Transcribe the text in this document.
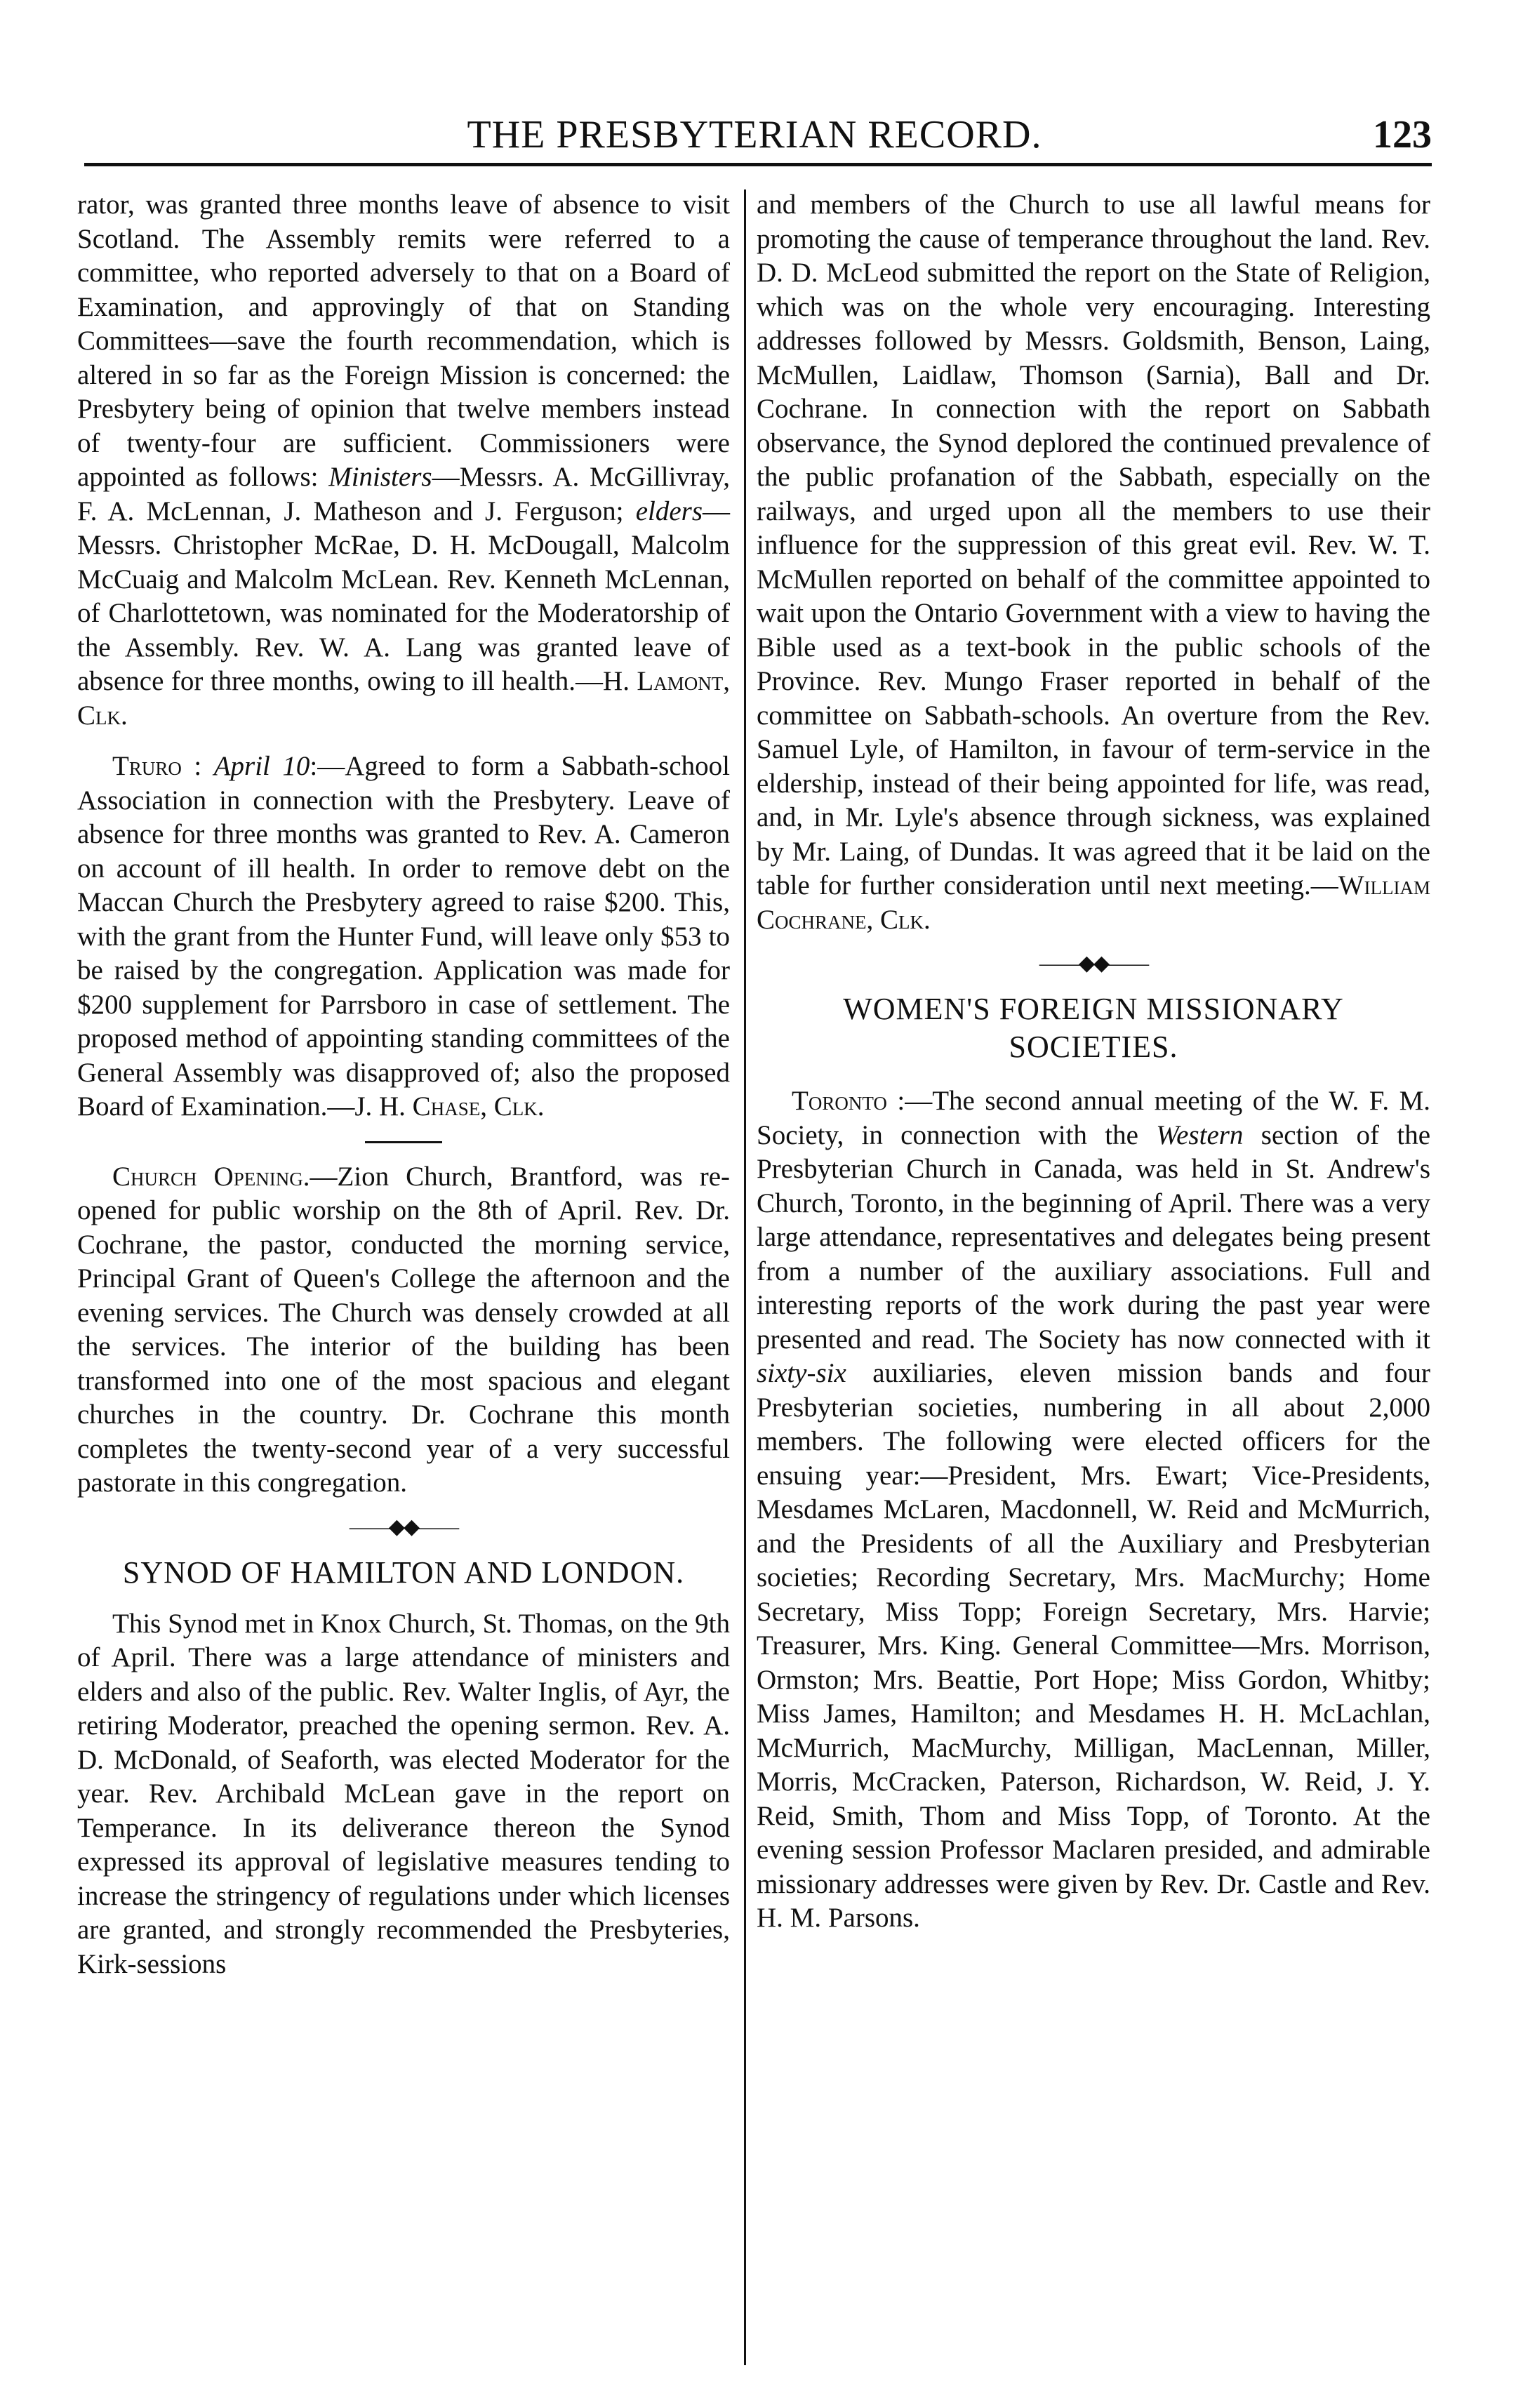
THE PRESBYTERIAN RECORD.	123

rator, was granted three months leave of absence to visit Scotland. The Assembly remits were referred to a committee, who reported adversely to that on a Board of Examination, and approvingly of that on Standing Committees—save the fourth recommendation, which is altered in so far as the Foreign Mission is concerned: the Presbytery being of opinion that twelve members instead of twenty-four are sufficient. Commissioners were appointed as follows: Ministers—Messrs. A. McGillivray, F. A. McLennan, J. Matheson and J. Ferguson; elders—Messrs. Christopher McRae, D. H. McDougall, Malcolm McCuaig and Malcolm McLean. Rev. Kenneth McLennan, of Charlottetown, was nominated for the Moderatorship of the Assembly. Rev. W. A. Lang was granted leave of absence for three months, owing to ill health.—H. Lamont, Clk.

Truro : April 10:—Agreed to form a Sabbath-school Association in connection with the Presbytery. Leave of absence for three months was granted to Rev. A. Cameron on account of ill health. In order to remove debt on the Maccan Church the Presbytery agreed to raise $200. This, with the grant from the Hunter Fund, will leave only $53 to be raised by the congregation. Application was made for $200 supplement for Parrsboro in case of settlement. The proposed method of appointing standing committees of the General Assembly was disapproved of; also the proposed Board of Examination.—J. H. Chase, Clk.

Church Opening.—Zion Church, Brantford, was re-opened for public worship on the 8th of April. Rev. Dr. Cochrane, the pastor, conducted the morning service, Principal Grant of Queen's College the afternoon and the evening services. The Church was densely crowded at all the services. The interior of the building has been transformed into one of the most spacious and elegant churches in the country. Dr. Cochrane this month completes the twenty-second year of a very successful pastorate in this congregation.

——◆◆——
SYNOD OF HAMILTON AND LONDON.

This Synod met in Knox Church, St. Thomas, on the 9th of April. There was a large attendance of ministers and elders and also of the public. Rev. Walter Inglis, of Ayr, the retiring Moderator, preached the opening sermon. Rev. A. D. McDonald, of Seaforth, was elected Moderator for the year. Rev. Archibald McLean gave in the report on Temperance. In its deliverance thereon the Synod expressed its approval of legislative measures tending to increase the stringency of regulations under which licenses are granted, and strongly recommended the Presbyteries, Kirk-sessions

and members of the Church to use all lawful means for promoting the cause of temperance throughout the land. Rev. D. D. McLeod submitted the report on the State of Religion, which was on the whole very encouraging. Interesting addresses followed by Messrs. Goldsmith, Benson, Laing, McMullen, Laidlaw, Thomson (Sarnia), Ball and Dr. Cochrane. In connection with the report on Sabbath observance, the Synod deplored the continued prevalence of the public profanation of the Sabbath, especially on the railways, and urged upon all the members to use their influence for the suppression of this great evil. Rev. W. T. McMullen reported on behalf of the committee appointed to wait upon the Ontario Government with a view to having the Bible used as a text-book in the public schools of the Province. Rev. Mungo Fraser reported in behalf of the committee on Sabbath-schools. An overture from the Rev. Samuel Lyle, of Hamilton, in favour of term-service in the eldership, instead of their being appointed for life, was read, and, in Mr. Lyle's absence through sickness, was explained by Mr. Laing, of Dundas. It was agreed that it be laid on the table for further consideration until next meeting.—William Cochrane, Clk.

——◆◆——
WOMEN'S FOREIGN MISSIONARY
SOCIETIES.

Toronto :—The second annual meeting of the W. F. M. Society, in connection with the Western section of the Presbyterian Church in Canada, was held in St. Andrew's Church, Toronto, in the beginning of April. There was a very large attendance, representatives and delegates being present from a number of the auxiliary associations. Full and interesting reports of the work during the past year were presented and read. The Society has now connected with it sixty-six auxiliaries, eleven mission bands and four Presbyterian societies, numbering in all about 2,000 members. The following were elected officers for the ensuing year:—President, Mrs. Ewart; Vice-Presidents, Mesdames McLaren, Macdonnell, W. Reid and McMurrich, and the Presidents of all the Auxiliary and Presbyterian societies; Recording Secretary, Mrs. MacMurchy; Home Secretary, Miss Topp; Foreign Secretary, Mrs. Harvie; Treasurer, Mrs. King. General Committee—Mrs. Morrison, Ormston; Mrs. Beattie, Port Hope; Miss Gordon, Whitby; Miss James, Hamilton; and Mesdames H. H. McLachlan, McMurrich, MacMurchy, Milligan, MacLennan, Miller, Morris, McCracken, Paterson, Richardson, W. Reid, J. Y. Reid, Smith, Thom and Miss Topp, of Toronto. At the evening session Professor Maclaren presided, and admirable missionary addresses were given by Rev. Dr. Castle and Rev. H. M. Parsons.
